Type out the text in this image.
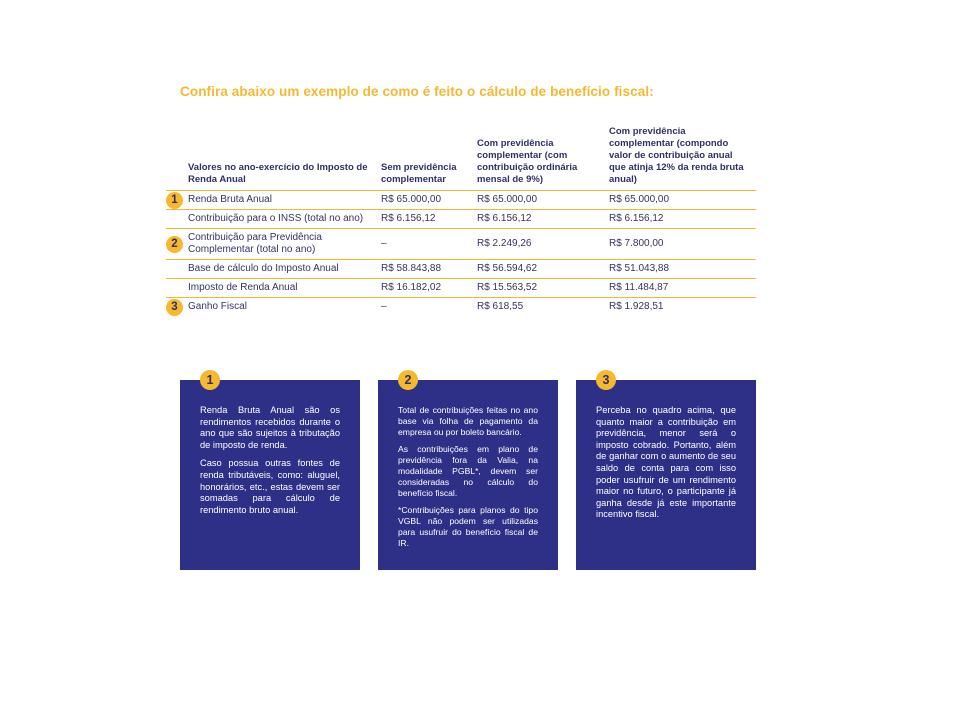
Confira abaixo um exemplo de como é feito o cálculo de benefício fiscal:
	Valores no ano-exercício do Imposto de Renda Anual	Sem previdência complementar	Com previdência complementar (com contribuição ordinária mensal de 9%)	Com previdência complementar (compondo valor de contribuição anual que atinja 12% da renda bruta anual)
1	Renda Bruta Anual	R$ 65.000,00	R$ 65.000,00	R$ 65.000,00
	Contribuição para o INSS (total no ano)	R$ 6.156,12	R$ 6.156,12	R$ 6.156,12
2	Contribuição para Previdência Complementar (total no ano)	–	R$ 2.249,26	R$ 7.800,00
	Base de cálculo do Imposto Anual	R$ 58.843,88	R$ 56.594,62	R$ 51.043,88
	Imposto de Renda Anual	R$ 16.182,02	R$ 15.563,52	R$ 11.484,87
3	Ganho Fiscal	–	R$ 618,55	R$ 1.928,51
1

Renda Bruta Anual são os rendimentos recebidos durante o ano que são sujeitos à tributação de imposto de renda.

Caso possua outras fontes de renda tributáveis, como: aluguel, honorários, etc., estas devem ser somadas para cálculo de rendimento bruto anual.

2

Total de contribuições feitas no ano base via folha de pagamento da empresa ou por boleto bancário.

As contribuições em plano de previdência fora da Valia, na modalidade PGBL*, devem ser consideradas no cálculo do benefício fiscal.

*Contribuições para planos do tipo VGBL não podem ser utilizadas para usufruir do benefício fiscal de IR.

3

Perceba no quadro acima, que quanto maior a contribuição em previdência, menor será o imposto cobrado. Portanto, além de ganhar com o aumento de seu saldo de conta para com isso poder usufruir de um rendimento maior no futuro, o participante já ganha desde já este importante incentivo fiscal.
